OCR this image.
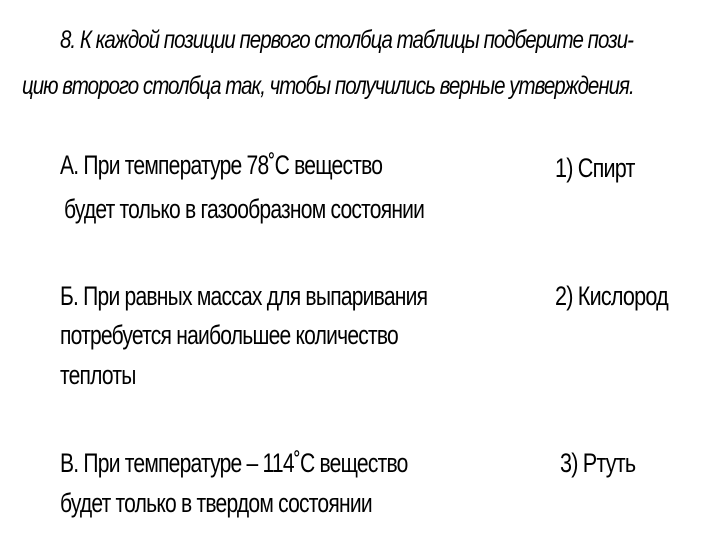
8. К каждой позиции первого столбца таблицы подберите пози-
цию второго столбца так, чтобы получились верные утверждения.
А. При температуре 78˚С вещество
будет только в газообразном состоянии
Б. При равных массах для выпаривания
потребуется наибольшее количество
теплоты
В. При температуре – 114˚С вещество
будет только в твердом состоянии
1) Спирт
2) Кислород
3) Ртуть
